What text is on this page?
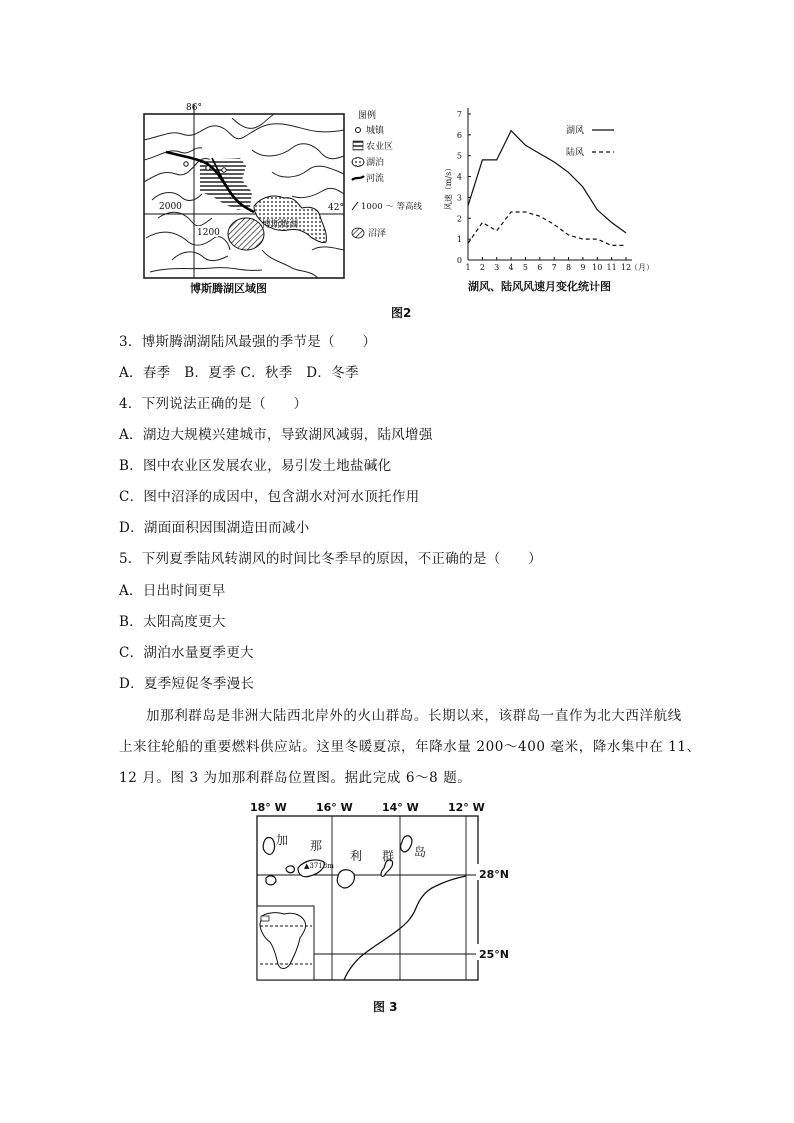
86°
42°
博斯腾湖
2000
1200
图例
城镇
农业区
湖泊
河流
1000 ～ 等高线
沼泽
博斯腾湖区域图
0
1
2
3
4
5
6
7
1 2 3 4 5 6 7 8 9 10 11 12
（月）
风速（m/s）
湖风
陆风
湖风、陆风风速月变化统计图
图2
3．博斯腾湖湖陆风最强的季节是（　　）
A．春季　B．夏季 C．秋季　D．冬季
4．下列说法正确的是（　　）
A．湖边大规模兴建城市，导致湖风减弱，陆风增强
B．图中农业区发展农业，易引发土地盐碱化
C．图中沼泽的成因中，包含湖水对河水顶托作用
D．湖面面积因围湖造田而减小
5．下列夏季陆风转湖风的时间比冬季早的原因，不正确的是（　　）
A．日出时间更早
B．太阳高度更大
C．湖泊水量夏季更大
D．夏季短促冬季漫长
加那利群岛是非洲大陆西北岸外的火山群岛。长期以来，该群岛一直作为北大西洋航线
上来往轮船的重要燃料供应站。这里冬暖夏凉，年降水量 200～400 毫米，降水集中在 11、
12 月。图 3 为加那利群岛位置图。据此完成 6～8 题。
18° W	16° W	14° W	12° W
28°N
25°N
加 那
利 群 岛
▲3718m
图 3
